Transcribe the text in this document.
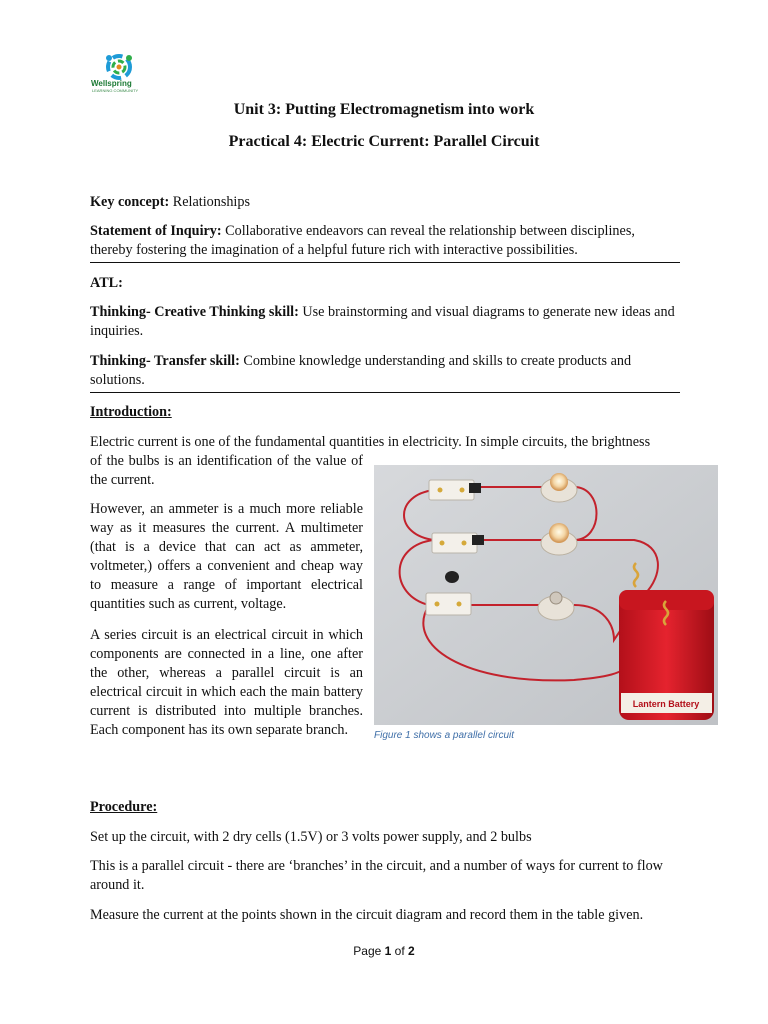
Wellspring
LEARNING COMMUNITY
Unit 3: Putting Electromagnetism into work
Practical 4: Electric Current: Parallel Circuit

Key concept: Relationships

Statement of Inquiry: Collaborative endeavors can reveal the relationship between disciplines, thereby fostering the imagination of a helpful future rich with interactive possibilities.

ATL:

Thinking- Creative Thinking skill: Use brainstorming and visual diagrams to generate new ideas and inquiries.

Thinking- Transfer skill: Combine knowledge understanding and skills to create products and solutions.

Introduction:

Electric current is one of the fundamental quantities in electricity. In simple circuits, the brightness

of the bulbs is an identification of the value of the current.

However, an ammeter is a much more reliable way as it measures the current. A multimeter (that is a device that can act as ammeter, voltmeter,) offers a convenient and cheap way to measure a range of important electrical quantities such as current, voltage.

A series circuit is an electrical circuit in which components are connected in a line, one after the other, whereas a parallel circuit is an electrical circuit in which each the main battery current is distributed into multiple branches. Each component has its own separate branch.

Lantern Battery
Figure 1 shows a parallel circuit
Procedure:

Set up the circuit, with 2 dry cells (1.5V) or 3 volts power supply, and 2 bulbs

This is a parallel circuit - there are ‘branches’ in the circuit, and a number of ways for current to flow around it.

Measure the current at the points shown in the circuit diagram and record them in the table given.

Page 1 of 2
